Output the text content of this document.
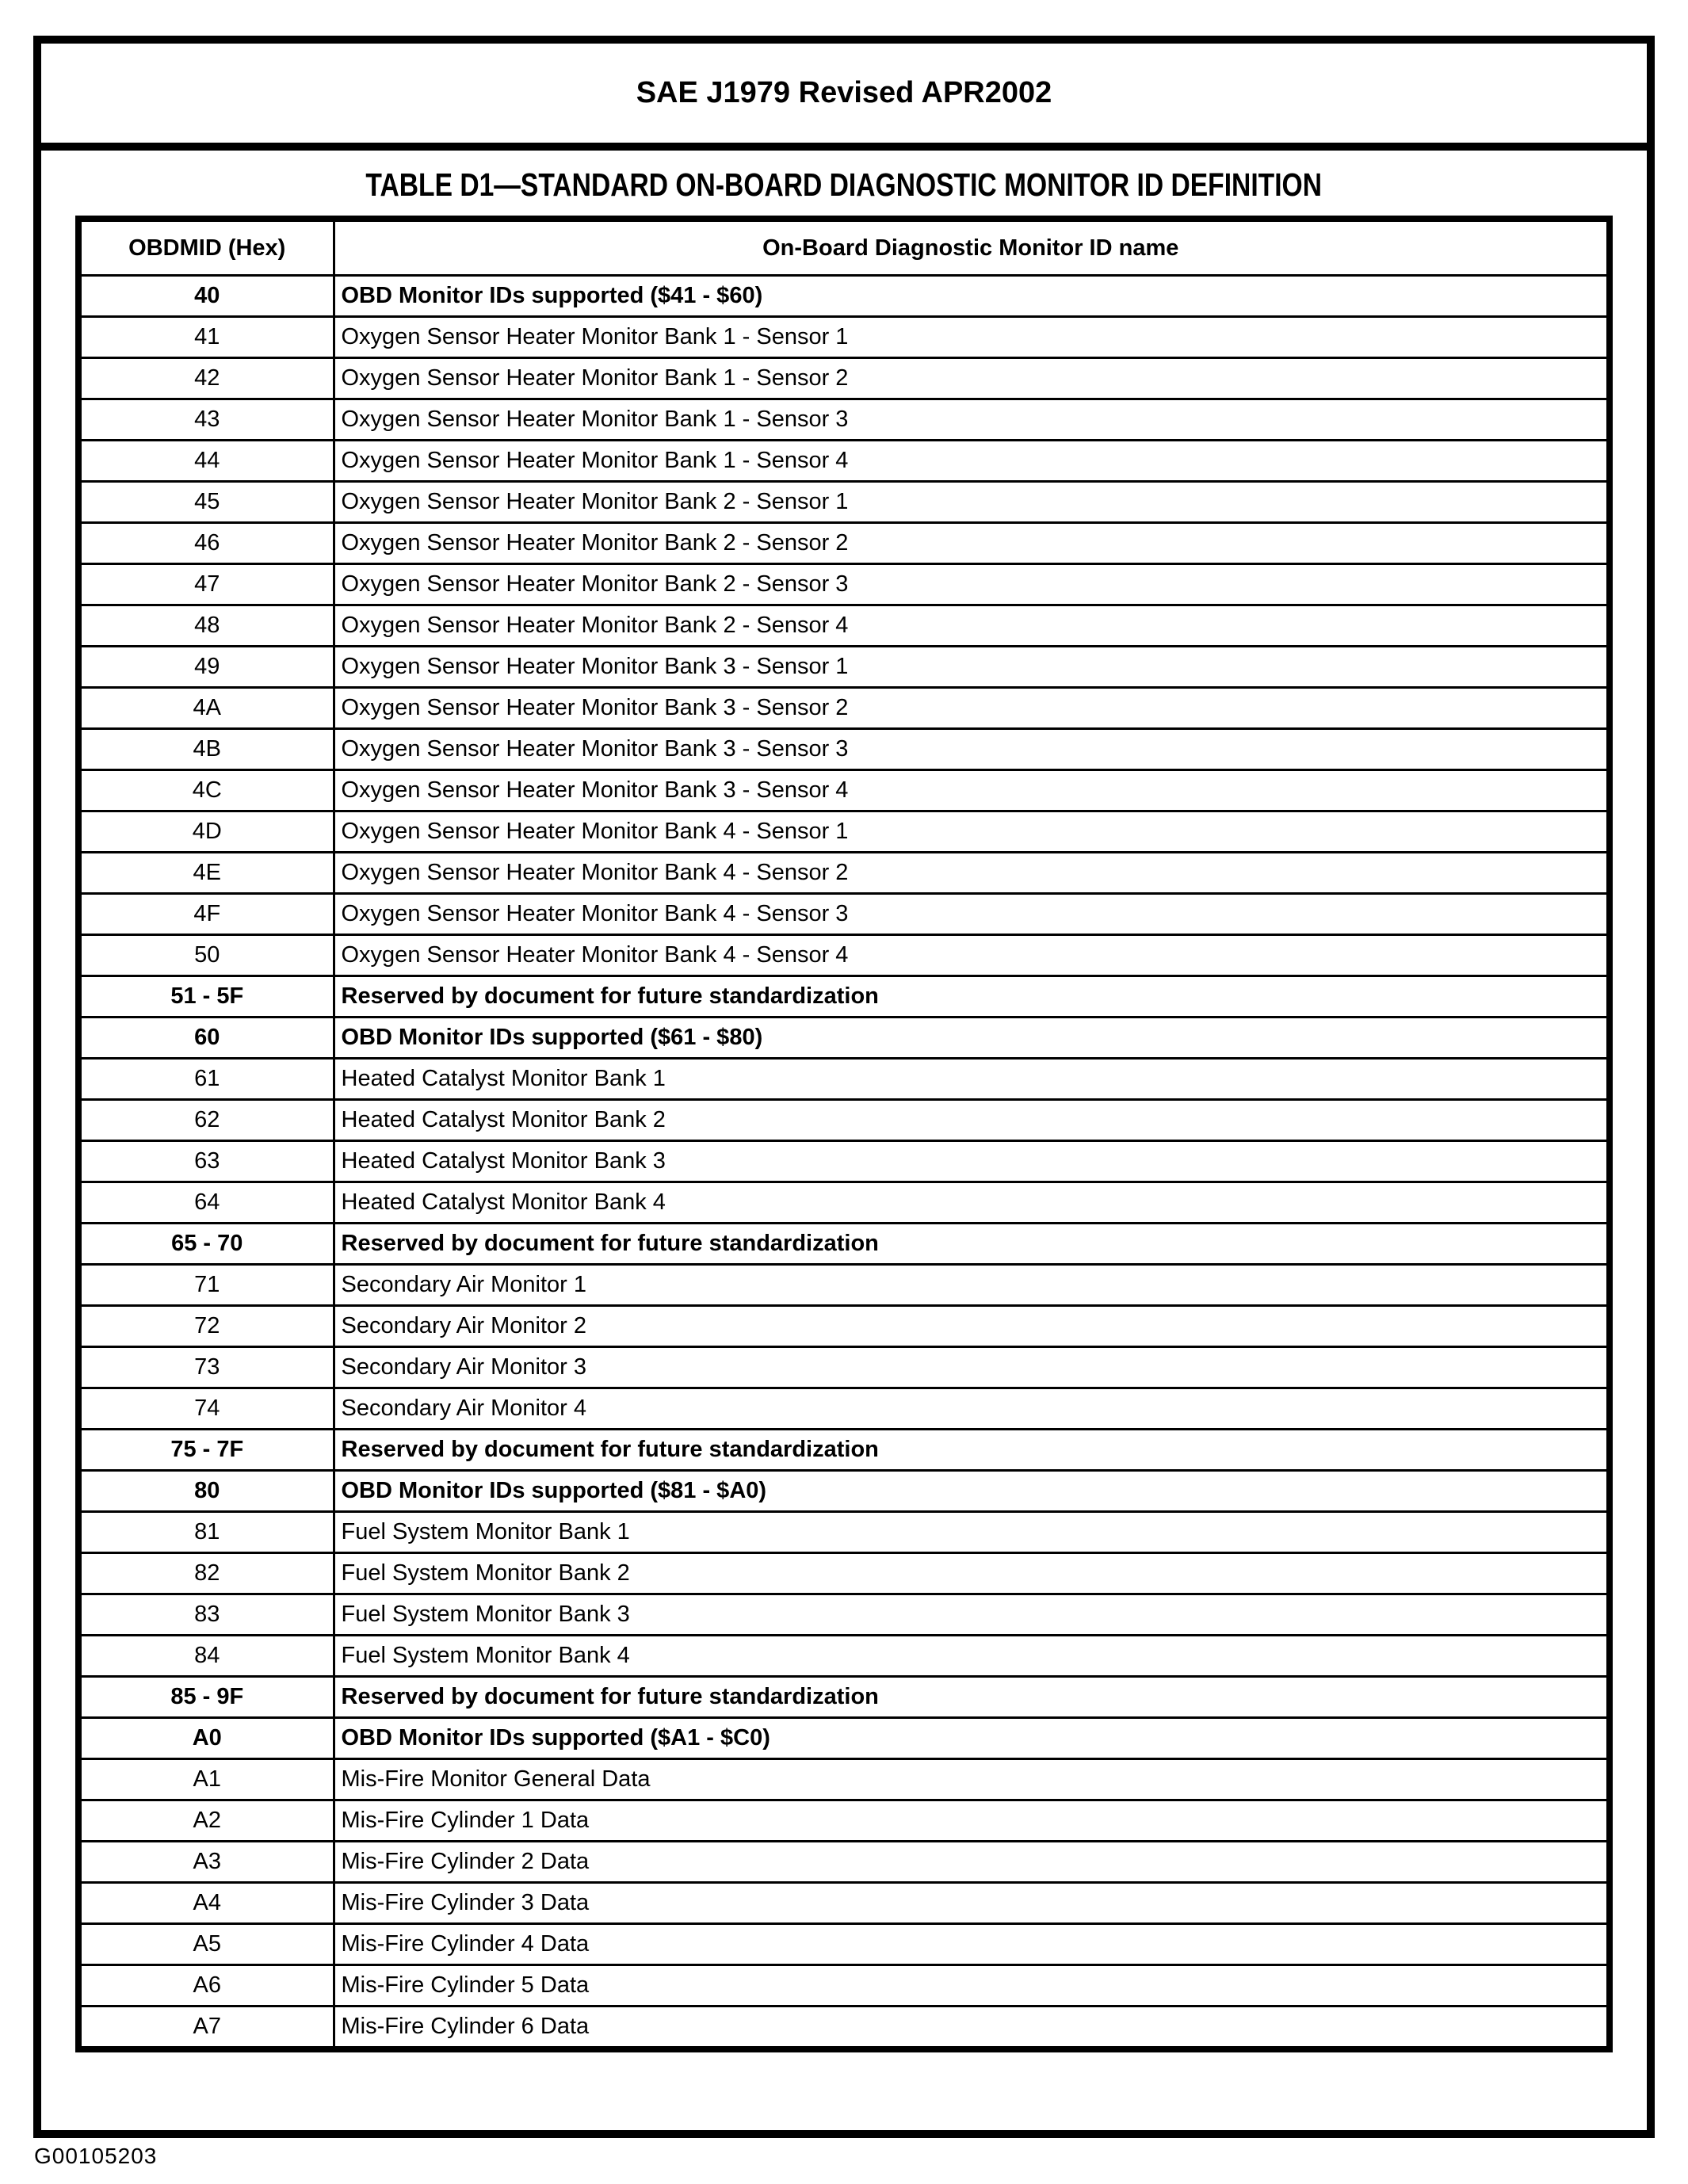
SAE J1979 Revised APR2002
TABLE D1—STANDARD ON-BOARD DIAGNOSTIC MONITOR ID DEFINITION
OBDMID (Hex)	On-Board Diagnostic Monitor ID name
40	OBD Monitor IDs supported ($41 - $60)
41	Oxygen Sensor Heater Monitor Bank 1 - Sensor 1
42	Oxygen Sensor Heater Monitor Bank 1 - Sensor 2
43	Oxygen Sensor Heater Monitor Bank 1 - Sensor 3
44	Oxygen Sensor Heater Monitor Bank 1 - Sensor 4
45	Oxygen Sensor Heater Monitor Bank 2 - Sensor 1
46	Oxygen Sensor Heater Monitor Bank 2 - Sensor 2
47	Oxygen Sensor Heater Monitor Bank 2 - Sensor 3
48	Oxygen Sensor Heater Monitor Bank 2 - Sensor 4
49	Oxygen Sensor Heater Monitor Bank 3 - Sensor 1
4A	Oxygen Sensor Heater Monitor Bank 3 - Sensor 2
4B	Oxygen Sensor Heater Monitor Bank 3 - Sensor 3
4C	Oxygen Sensor Heater Monitor Bank 3 - Sensor 4
4D	Oxygen Sensor Heater Monitor Bank 4 - Sensor 1
4E	Oxygen Sensor Heater Monitor Bank 4 - Sensor 2
4F	Oxygen Sensor Heater Monitor Bank 4 - Sensor 3
50	Oxygen Sensor Heater Monitor Bank 4 - Sensor 4
51 - 5F	Reserved by document for future standardization
60	OBD Monitor IDs supported ($61 - $80)
61	Heated Catalyst Monitor Bank 1
62	Heated Catalyst Monitor Bank 2
63	Heated Catalyst Monitor Bank 3
64	Heated Catalyst Monitor Bank 4
65 - 70	Reserved by document for future standardization
71	Secondary Air Monitor 1
72	Secondary Air Monitor 2
73	Secondary Air Monitor 3
74	Secondary Air Monitor 4
75 - 7F	Reserved by document for future standardization
80	OBD Monitor IDs supported ($81 - $A0)
81	Fuel System Monitor Bank 1
82	Fuel System Monitor Bank 2
83	Fuel System Monitor Bank 3
84	Fuel System Monitor Bank 4
85 - 9F	Reserved by document for future standardization
A0	OBD Monitor IDs supported ($A1 - $C0)
A1	Mis-Fire Monitor General Data
A2	Mis-Fire Cylinder 1 Data
A3	Mis-Fire Cylinder 2 Data
A4	Mis-Fire Cylinder 3 Data
A5	Mis-Fire Cylinder 4 Data
A6	Mis-Fire Cylinder 5 Data
A7	Mis-Fire Cylinder 6 Data
G00105203
